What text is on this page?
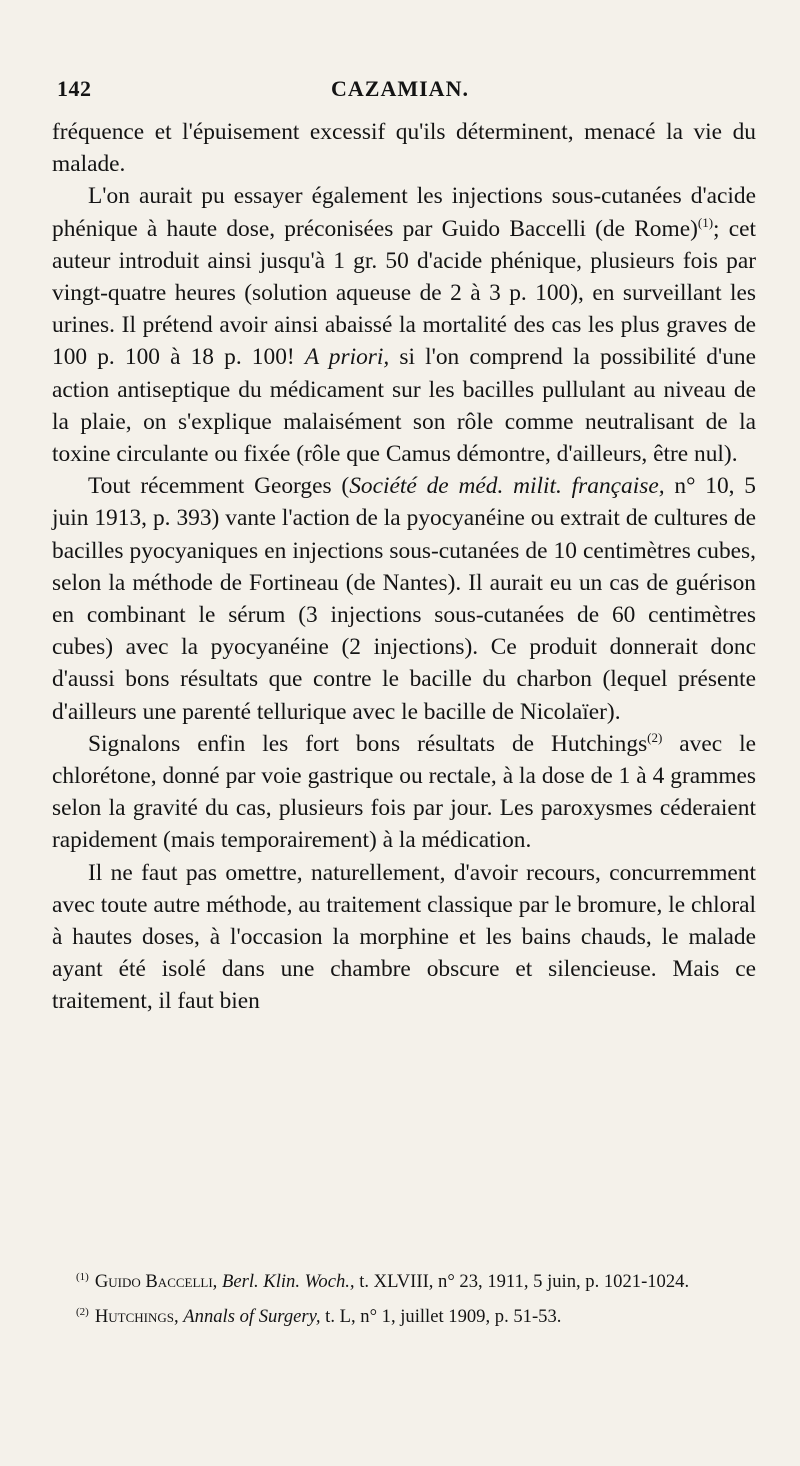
142	CAZAMIAN.

fréquence et l'épuisement excessif qu'ils déterminent, menacé la vie du malade.

L'on aurait pu essayer également les injections sous-cutanées d'acide phénique à haute dose, préconisées par Guido Baccelli (de Rome)$^{(1)}$; cet auteur introduit ainsi jusqu'à 1 gr. 50 d'acide phénique, plusieurs fois par vingt-quatre heures (solution aqueuse de 2 à 3 p. 100), en surveillant les urines. Il prétend avoir ainsi abaissé la mortalité des cas les plus graves de 100 p. 100 à 18 p. 100! A priori, si l'on comprend la possibilité d'une action antiseptique du médicament sur les bacilles pullulant au niveau de la plaie, on s'explique malaisément son rôle comme neutralisant de la toxine circulante ou fixée (rôle que Camus démontre, d'ailleurs, être nul).

Tout récemment Georges (Société de méd. milit. française, n° 10, 5 juin 1913, p. 393) vante l'action de la pyocyanéine ou extrait de cultures de bacilles pyocyaniques en injections sous-cutanées de 10 centimètres cubes, selon la méthode de Fortineau (de Nantes). Il aurait eu un cas de guérison en combinant le sérum (3 injections sous-cutanées de 60 centimètres cubes) avec la pyocyanéine (2 injections). Ce produit donnerait donc d'aussi bons résultats que contre le bacille du charbon (lequel présente d'ailleurs une parenté tellurique avec le bacille de Nicolaïer).

Signalons enfin les fort bons résultats de Hutchings$^{(2)}$ avec le chlorétone, donné par voie gastrique ou rectale, à la dose de 1 à 4 grammes selon la gravité du cas, plusieurs fois par jour. Les paroxysmes céderaient rapidement (mais temporairement) à la médication.

Il ne faut pas omettre, naturellement, d'avoir recours, concurremment avec toute autre méthode, au traitement classique par le bromure, le chloral à hautes doses, à l'occasion la morphine et les bains chauds, le malade ayant été isolé dans une chambre obscure et silencieuse. Mais ce traitement, il faut bien

$^{(1)}$ Guido Baccelli, Berl. Klin. Woch., t. XLVIII, n° 23, 1911, 5 juin, p. 1021-1024.

$^{(2)}$ Hutchings, Annals of Surgery, t. L, n° 1, juillet 1909, p. 51-53.
